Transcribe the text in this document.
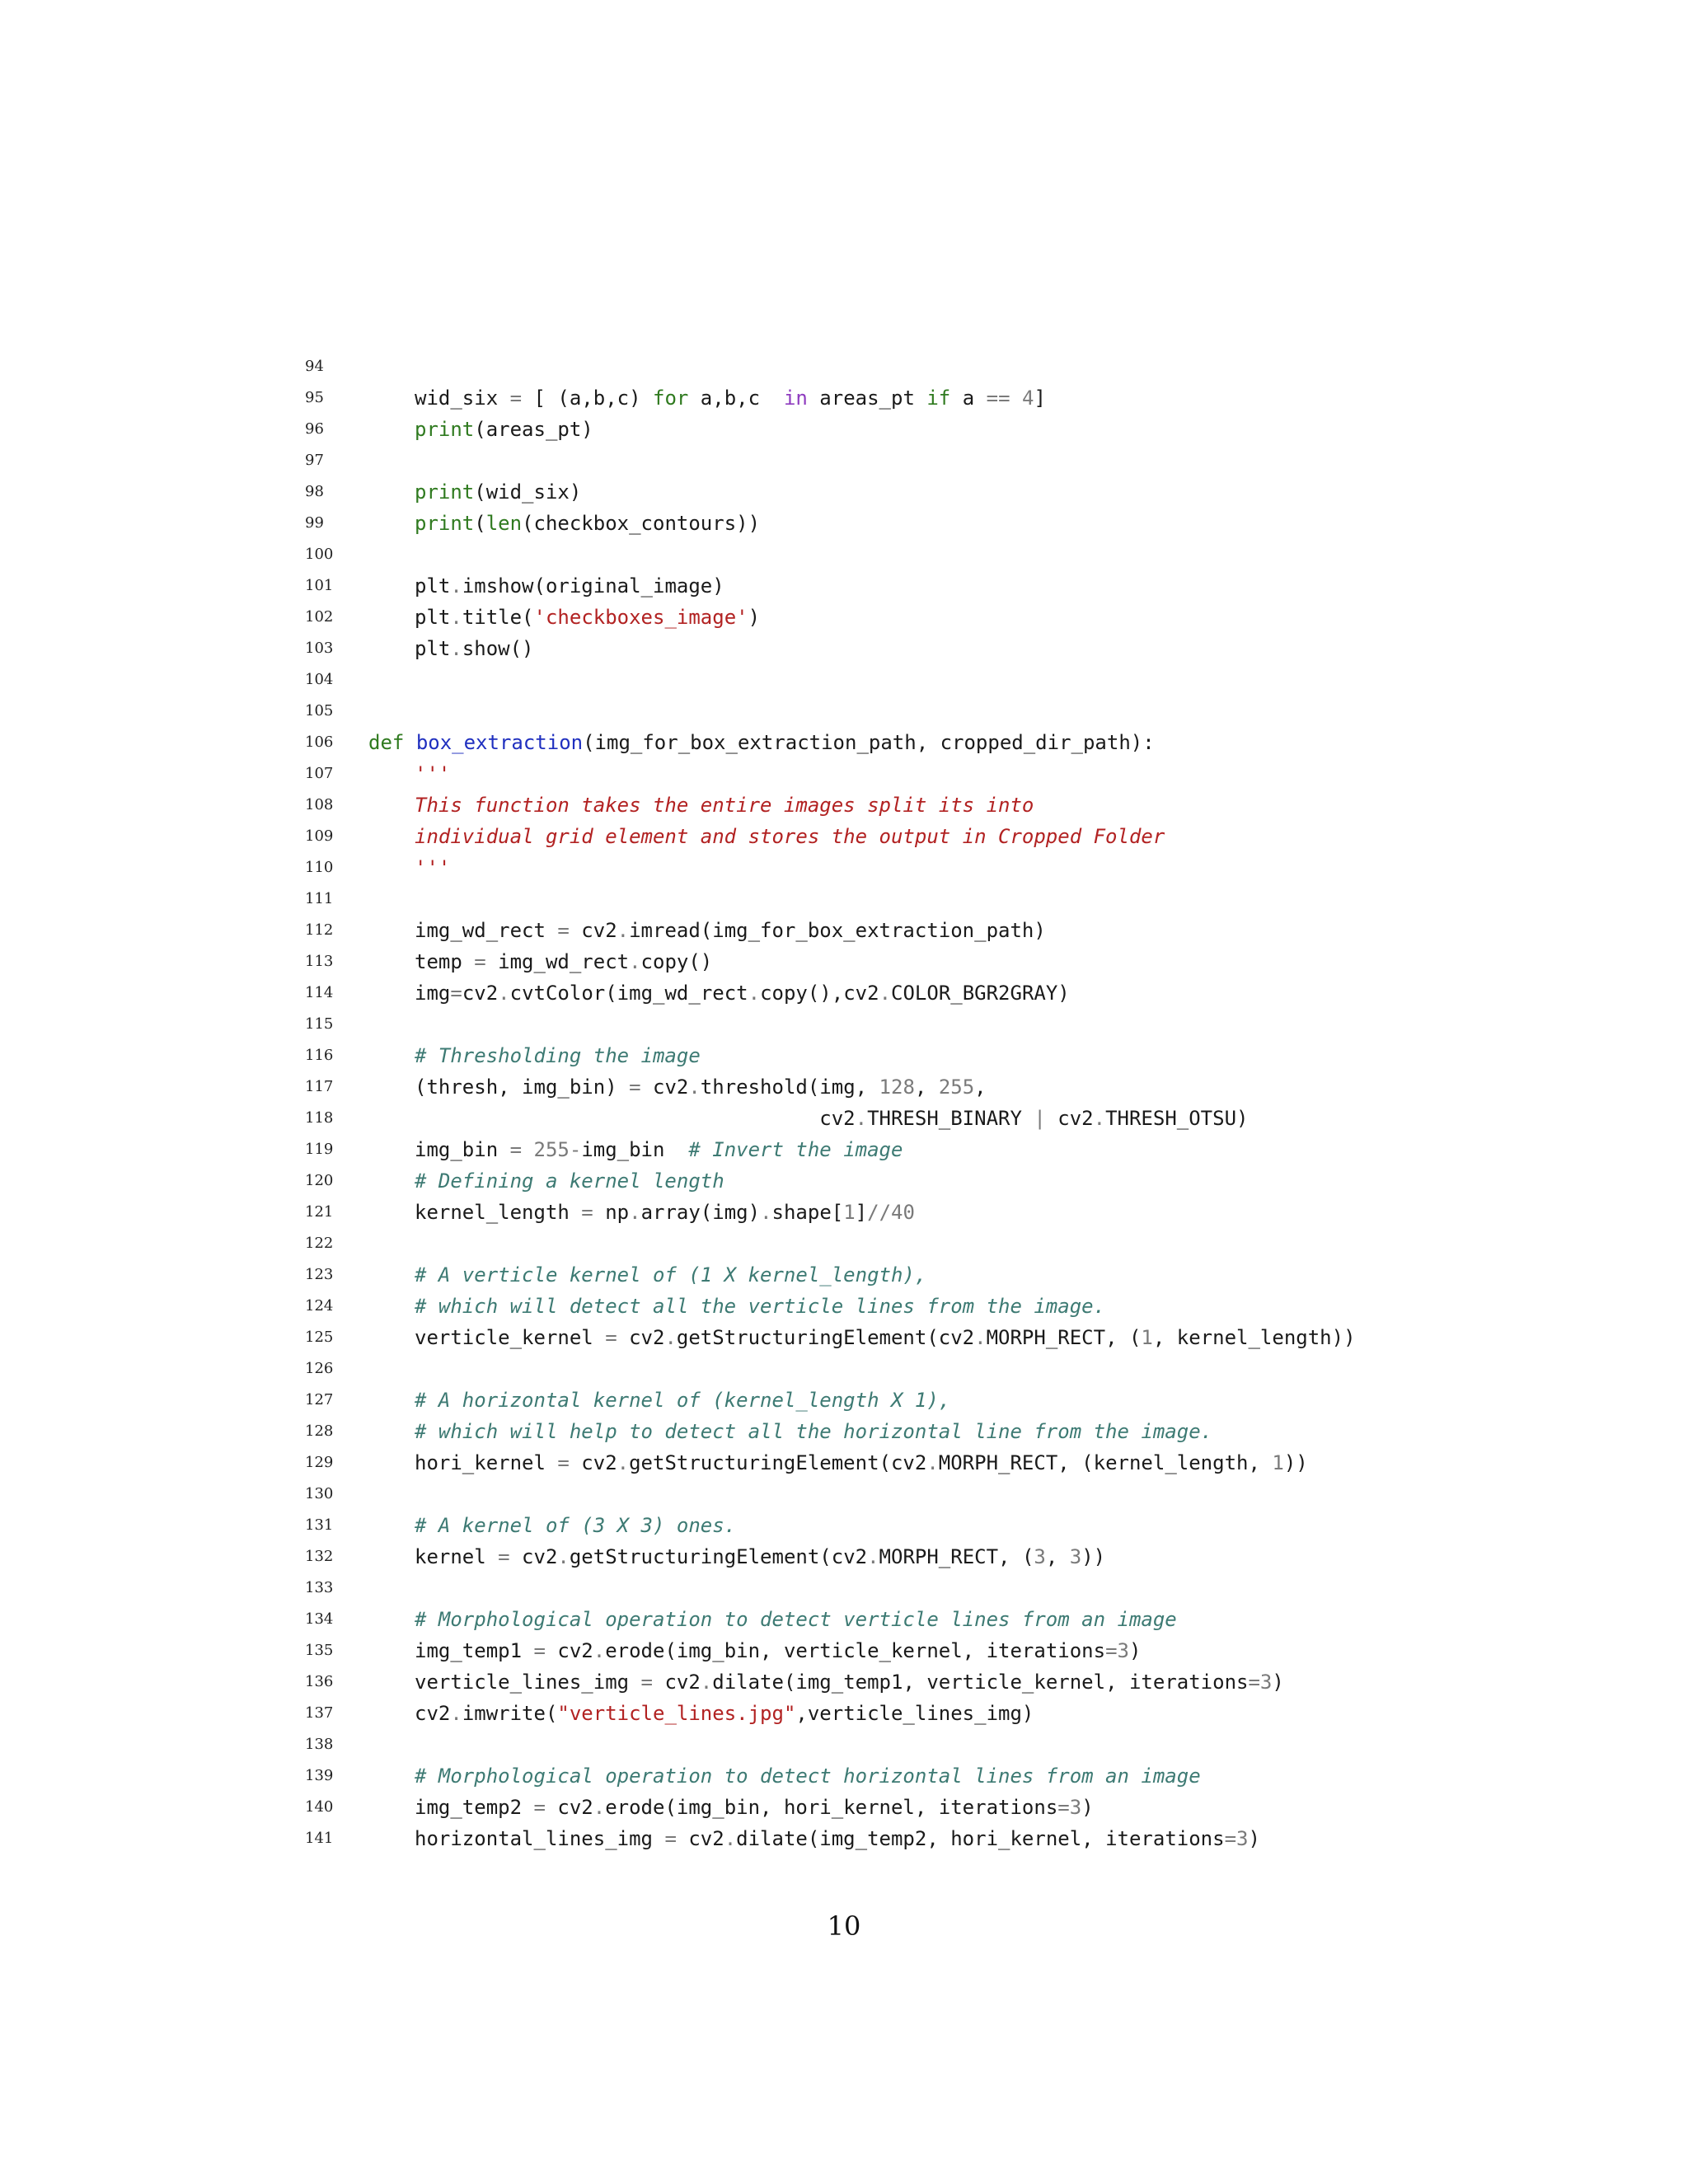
94
95	wid_six = [ (a,b,c) for a,b,c  in areas_pt if a == 4]
96	print(areas_pt)
97
98	print(wid_six)
99	print(len(checkbox_contours))
100
101	plt.imshow(original_image)
102	plt.title('checkboxes_image')
103	plt.show()
104
105
106 def box_extraction(img_for_box_extraction_path, cropped_dir_path):
107	'''
108	This function takes the entire images split its into
109	individual grid element and stores the output in Cropped Folder
110	'''
111
112	img_wd_rect = cv2.imread(img_for_box_extraction_path)
113	temp = img_wd_rect.copy()
114	img=cv2.cvtColor(img_wd_rect.copy(),cv2.COLOR_BGR2GRAY)
115
116	# Thresholding the image
117	(thresh, img_bin) = cv2.threshold(img, 128, 255,
118	cv2.THRESH_BINARY | cv2.THRESH_OTSU)
119	img_bin = 255-img_bin  # Invert the image
120	# Defining a kernel length
121	kernel_length = np.array(img).shape[1]//40
122
123	# A verticle kernel of (1 X kernel_length),
124	# which will detect all the verticle lines from the image.
125	verticle_kernel = cv2.getStructuringElement(cv2.MORPH_RECT, (1, kernel_length))
126
127	# A horizontal kernel of (kernel_length X 1),
128	# which will help to detect all the horizontal line from the image.
129	hori_kernel = cv2.getStructuringElement(cv2.MORPH_RECT, (kernel_length, 1))
130
131	# A kernel of (3 X 3) ones.
132	kernel = cv2.getStructuringElement(cv2.MORPH_RECT, (3, 3))
133
134	# Morphological operation to detect verticle lines from an image
135	img_temp1 = cv2.erode(img_bin, verticle_kernel, iterations=3)
136	verticle_lines_img = cv2.dilate(img_temp1, verticle_kernel, iterations=3)
137	cv2.imwrite("verticle_lines.jpg",verticle_lines_img)
138
139	# Morphological operation to detect horizontal lines from an image
140	img_temp2 = cv2.erode(img_bin, hori_kernel, iterations=3)
141	horizontal_lines_img = cv2.dilate(img_temp2, hori_kernel, iterations=3)
10
